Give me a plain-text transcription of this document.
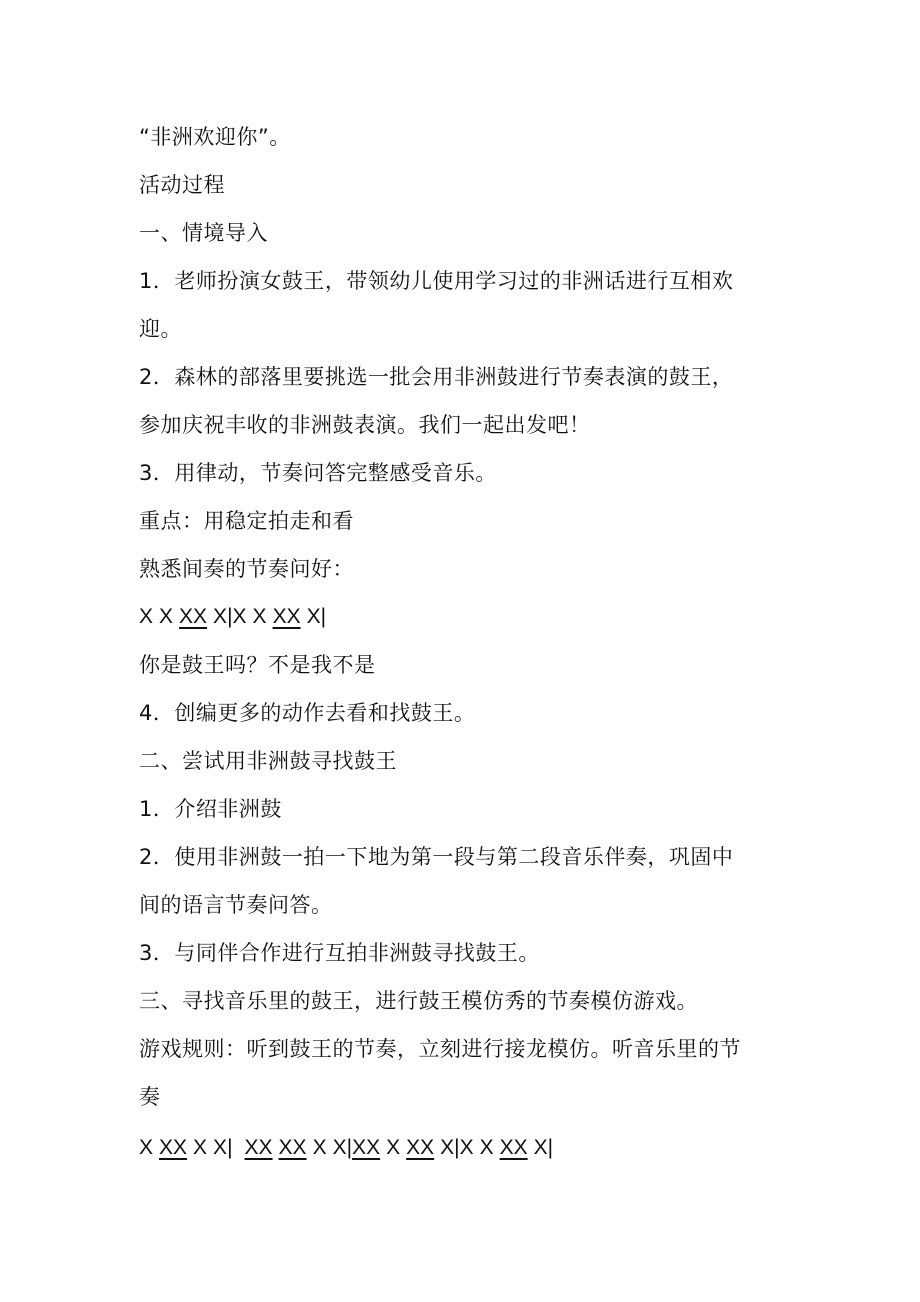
“非洲欢迎你”。
活动过程
一、情境导入
1．老师扮演女鼓王，带领幼儿使用学习过的非洲话进行互相欢
迎。
2．森林的部落里要挑选一批会用非洲鼓进行节奏表演的鼓王，
参加庆祝丰收的非洲鼓表演。我们一起出发吧！
3．用律动，节奏问答完整感受音乐。
重点：用稳定拍走和看
熟悉间奏的节奏问好：
X X XX X|X X XX X|
你是鼓王吗？不是我不是
4．创编更多的动作去看和找鼓王。
二、尝试用非洲鼓寻找鼓王
1．介绍非洲鼓
2．使用非洲鼓一拍一下地为第一段与第二段音乐伴奏，巩固中
间的语言节奏问答。
3．与同伴合作进行互拍非洲鼓寻找鼓王。
三、寻找音乐里的鼓王，进行鼓王模仿秀的节奏模仿游戏。
游戏规则：听到鼓王的节奏，立刻进行接龙模仿。听音乐里的节
奏
X XX X X| XX XX X X|XX X XX X|X X XX X|
